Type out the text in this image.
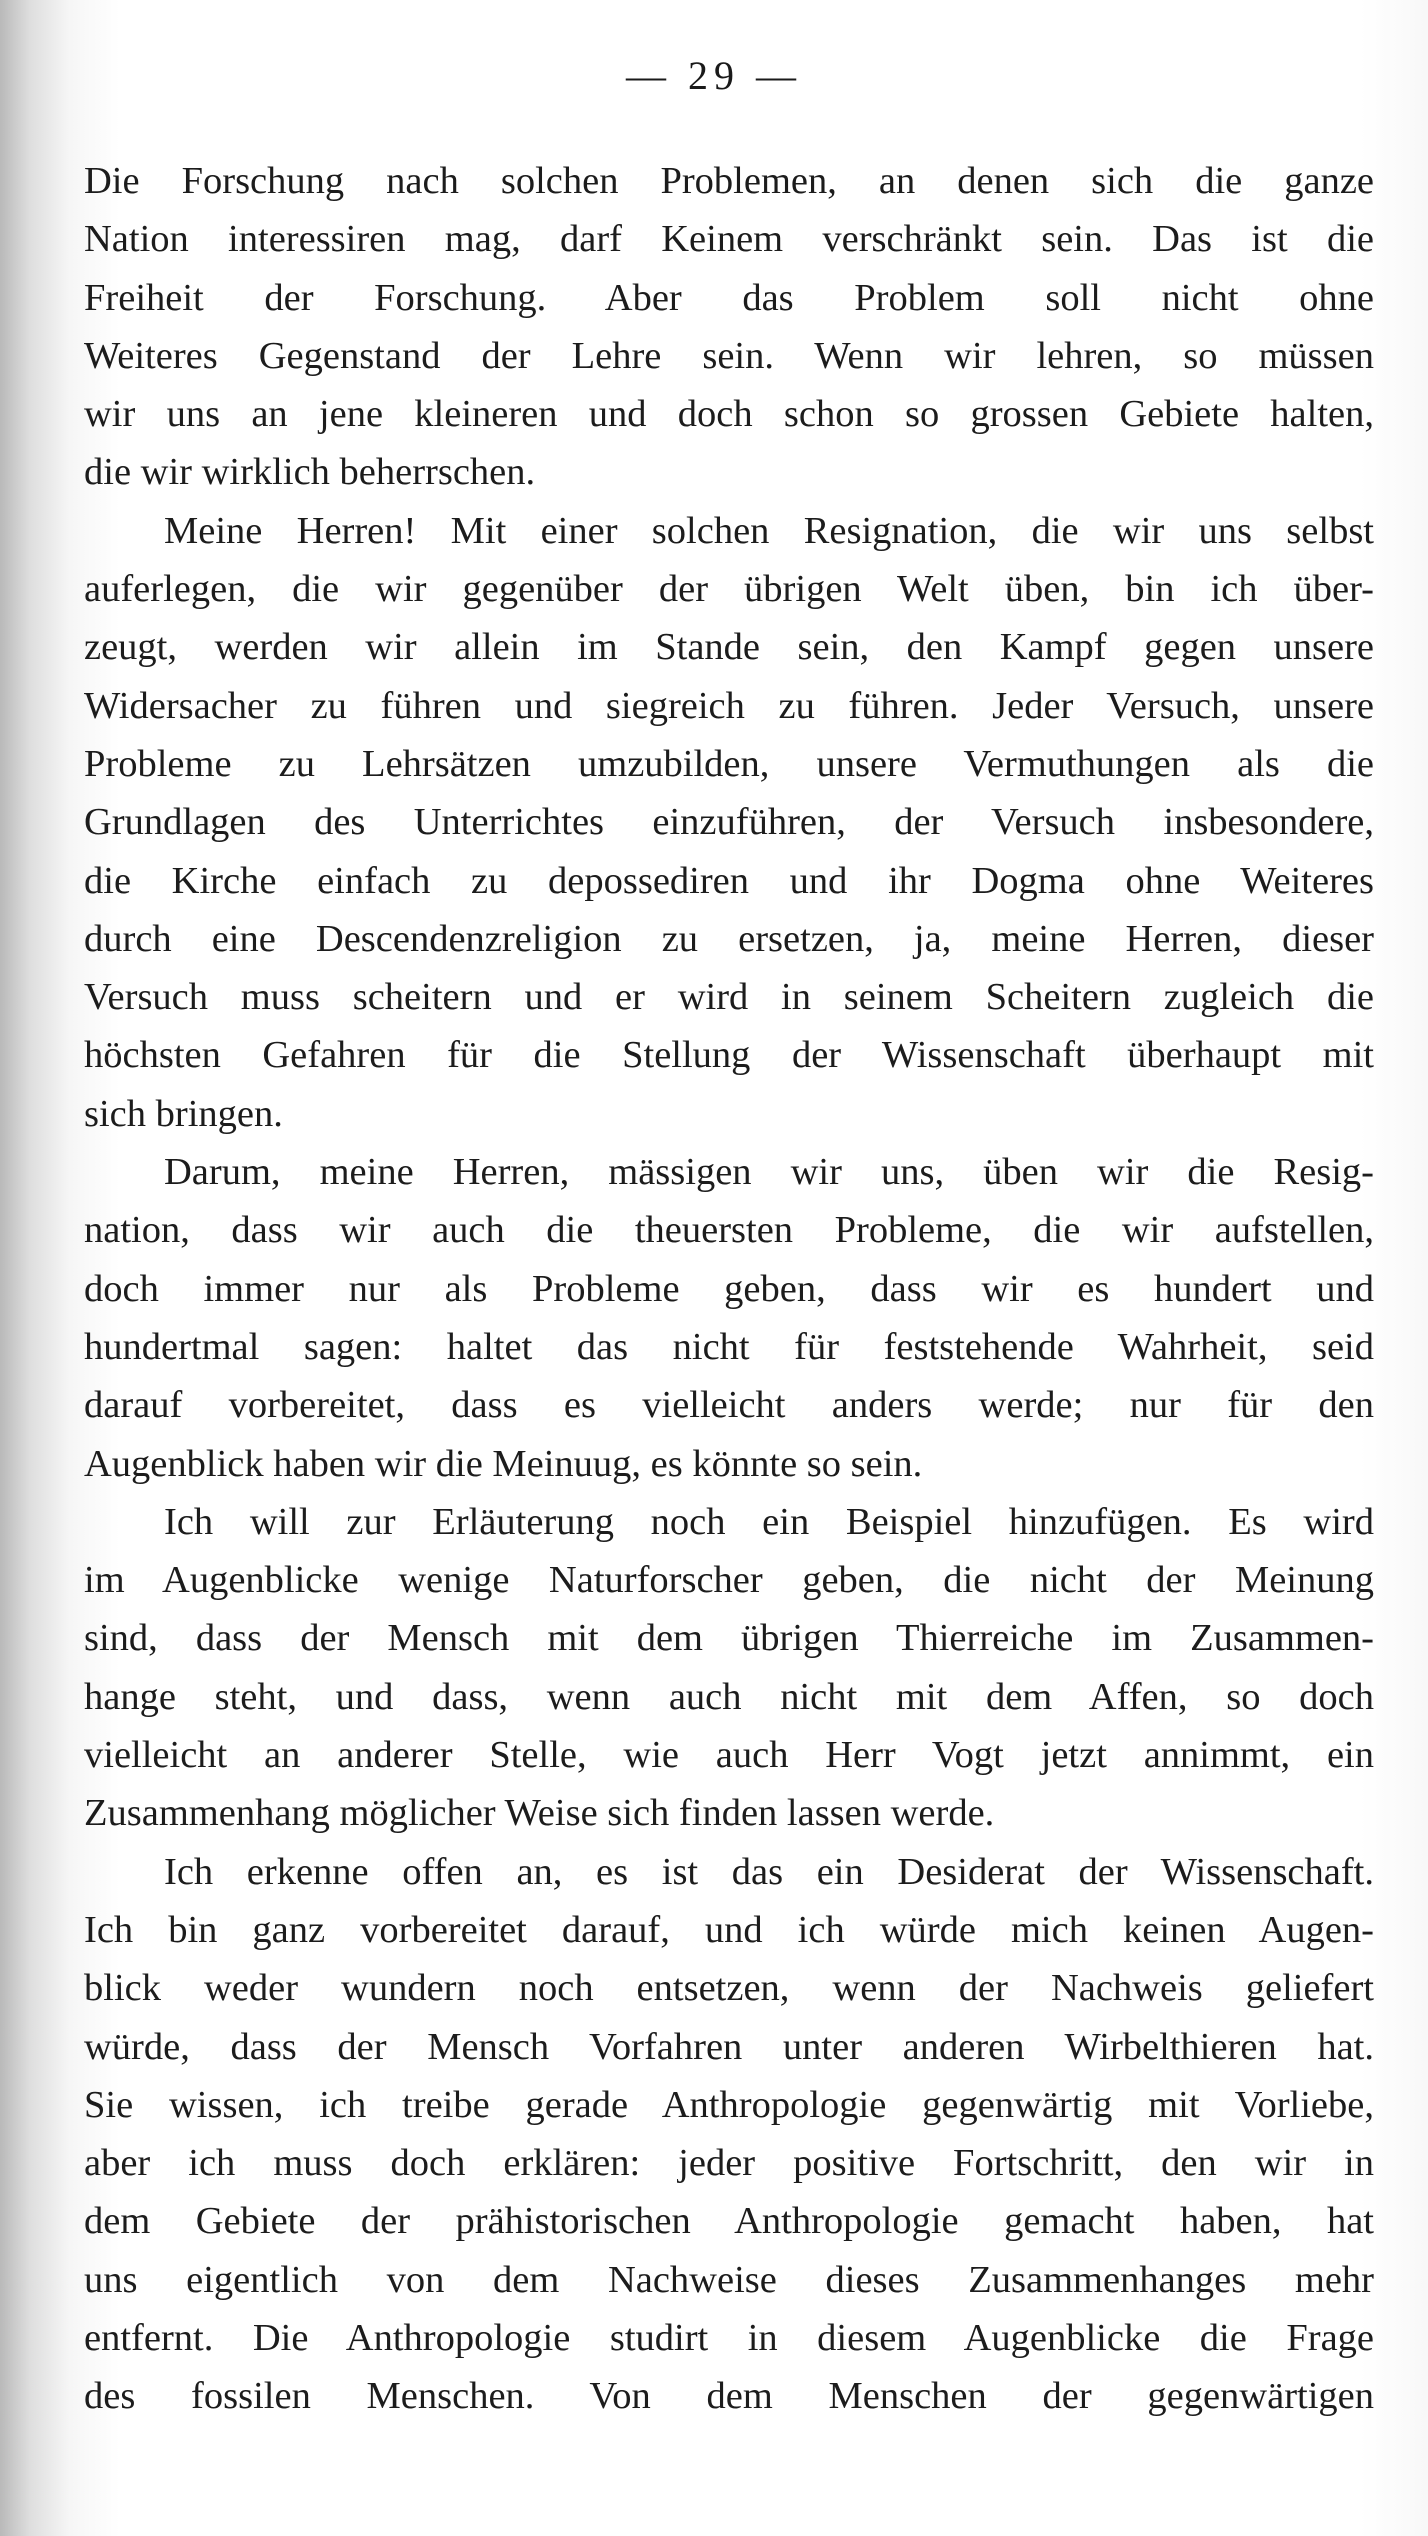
— 29 —
Die Forschung nach solchen Problemen, an denen sich die ganze
Nation interessiren mag, darf Keinem verschränkt sein. Das ist die
Freiheit der Forschung. Aber das Problem soll nicht ohne
Weiteres Gegenstand der Lehre sein. Wenn wir lehren, so müssen
wir uns an jene kleineren und doch schon so grossen Gebiete halten,
die wir wirklich beherrschen.
Meine Herren! Mit einer solchen Resignation, die wir uns selbst
auferlegen, die wir gegenüber der übrigen Welt üben, bin ich über-
zeugt, werden wir allein im Stande sein, den Kampf gegen unsere
Widersacher zu führen und siegreich zu führen. Jeder Versuch, unsere
Probleme zu Lehrsätzen umzubilden, unsere Vermuthungen als die
Grundlagen des Unterrichtes einzuführen, der Versuch insbesondere,
die Kirche einfach zu depossediren und ihr Dogma ohne Weiteres
durch eine Descendenzreligion zu ersetzen, ja, meine Herren, dieser
Versuch muss scheitern und er wird in seinem Scheitern zugleich die
höchsten Gefahren für die Stellung der Wissenschaft überhaupt mit
sich bringen.
Darum, meine Herren, mässigen wir uns, üben wir die Resig-
nation, dass wir auch die theuersten Probleme, die wir aufstellen,
doch immer nur als Probleme geben, dass wir es hundert und
hundertmal sagen: haltet das nicht für feststehende Wahrheit, seid
darauf vorbereitet, dass es vielleicht anders werde; nur für den
Augenblick haben wir die Meinuug, es könnte so sein.
Ich will zur Erläuterung noch ein Beispiel hinzufügen. Es wird
im Augenblicke wenige Naturforscher geben, die nicht der Meinung
sind, dass der Mensch mit dem übrigen Thierreiche im Zusammen-
hange steht, und dass, wenn auch nicht mit dem Affen, so doch
vielleicht an anderer Stelle, wie auch Herr Vogt jetzt annimmt, ein
Zusammenhang möglicher Weise sich finden lassen werde.
Ich erkenne offen an, es ist das ein Desiderat der Wissenschaft.
Ich bin ganz vorbereitet darauf, und ich würde mich keinen Augen-
blick weder wundern noch entsetzen, wenn der Nachweis geliefert
würde, dass der Mensch Vorfahren unter anderen Wirbelthieren hat.
Sie wissen, ich treibe gerade Anthropologie gegenwärtig mit Vorliebe,
aber ich muss doch erklären: jeder positive Fortschritt, den wir in
dem Gebiete der prähistorischen Anthropologie gemacht haben, hat
uns eigentlich von dem Nachweise dieses Zusammenhanges mehr
entfernt. Die Anthropologie studirt in diesem Augenblicke die Frage
des fossilen Menschen. Von dem Menschen der gegenwärtigen
